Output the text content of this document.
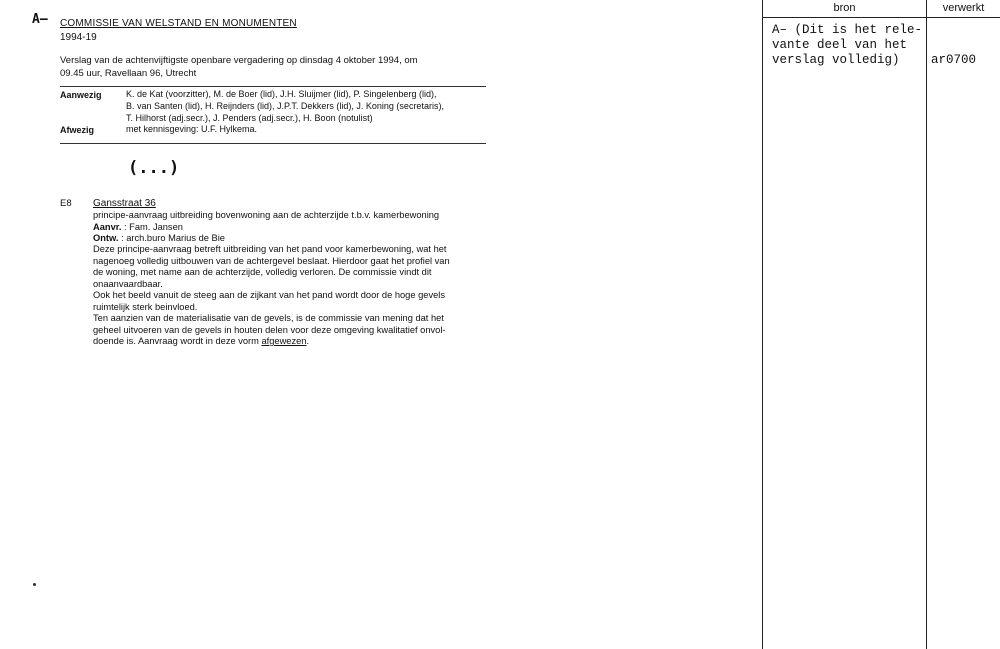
A– COMMISSIE VAN WELSTAND EN MONUMENTEN
1994-19
Verslag van de achtenvijftigste openbare vergadering op dinsdag 4 oktober 1994, om
09.45 uur, Ravellaan 96, Utrecht
Aanwezig	K. de Kat (voorzitter), M. de Boer (lid), J.H. Sluijmer (lid), P. Singelenberg (lid),
B. van Santen (lid), H. Reijnders (lid), J.P.T. Dekkers (lid), J. Koning (secretaris),
T. Hilhorst (adj.secr.), J. Penders (adj.secr.), H. Boon (notulist)
Afwezig	met kennisgeving: U.F. Hylkema.
(...)
E8 Gansstraat 36
principe-aanvraag uitbreiding bovenwoning aan de achterzijde t.b.v. kamerbewoning
Aanvr. : Fam. Jansen
Ontw. : arch.buro Marius de Bie
Deze principe-aanvraag betreft uitbreiding van het pand voor kamerbewoning, wat het
nagenoeg volledig uitbouwen van de achtergevel beslaat. Hierdoor gaat het profiel van
de woning, met name aan de achterzijde, volledig verloren. De commissie vindt dit
onaanvaardbaar.
Ook het beeld vanuit de steeg aan de zijkant van het pand wordt door de hoge gevels
ruimtelijk sterk beinvloed.
Ten aanzien van de materialisatie van de gevels, is de commissie van mening dat het
geheel uitvoeren van de gevels in houten delen voor deze omgeving kwalitatief onvol-
doende is. Aanvraag wordt in deze vorm afgewezen.
bron	verwerkt
A– (Dit is het rele-
vante deel van het
verslag volledig)	ar0700
